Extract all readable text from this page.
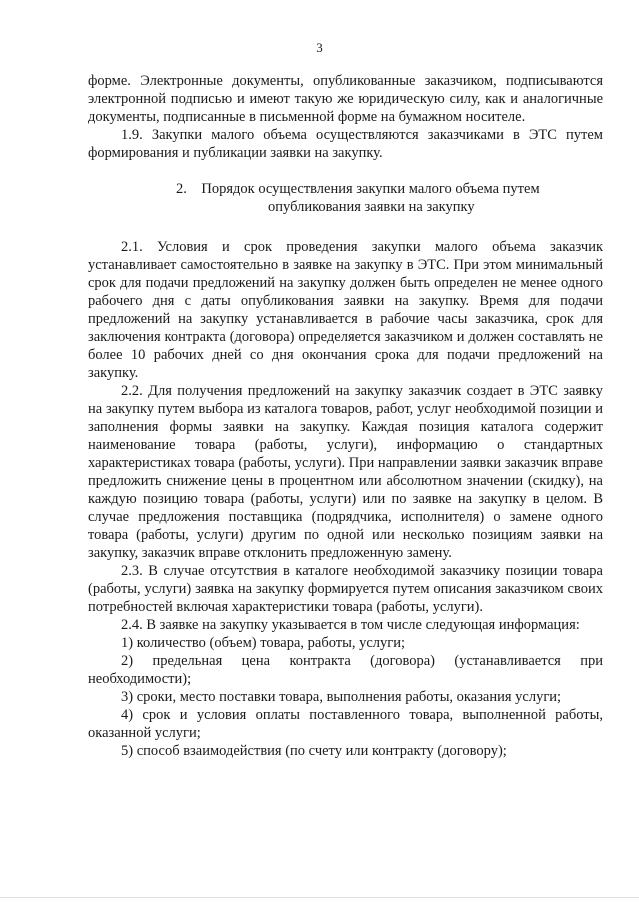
3

форме. Электронные документы, опубликованные заказчиком, подписываются электронной подписью и имеют такую же юридическую силу, как и аналогичные документы, подписанные в письменной форме на бумажном носителе.

1.9. Закупки малого объема осуществляются заказчиками в ЭТС путем формирования и публикации заявки на закупку.

2. Порядок осуществления закупки малого объема путем
опубликования заявки на закупку

2.1. Условия и срок проведения закупки малого объема заказчик устанавливает самостоятельно в заявке на закупку в ЭТС. При этом минимальный срок для подачи предложений на закупку должен быть определен не менее одного рабочего дня с даты опубликования заявки на закупку. Время для подачи предложений на закупку устанавливается в рабочие часы заказчика, срок для заключения контракта (договора) определяется заказчиком и должен составлять не более 10 рабочих дней со дня окончания срока для подачи предложений на закупку.

2.2. Для получения предложений на закупку заказчик создает в ЭТС заявку на закупку путем выбора из каталога товаров, работ, услуг необходимой позиции и заполнения формы заявки на закупку. Каждая позиция каталога содержит наименование товара (работы, услуги), информацию о стандартных характеристиках товара (работы, услуги). При направлении заявки заказчик вправе предложить снижение цены в процентном или абсолютном значении (скидку), на каждую позицию товара (работы, услуги) или по заявке на закупку в целом. В случае предложения поставщика (подрядчика, исполнителя) о замене одного товара (работы, услуги) другим по одной или несколько позициям заявки на закупку, заказчик вправе отклонить предложенную замену.

2.3. В случае отсутствия в каталоге необходимой заказчику позиции товара (работы, услуги) заявка на закупку формируется путем описания заказчиком своих потребностей включая характеристики товара (работы, услуги).

2.4. В заявке на закупку указывается в том числе следующая информация:

1) количество (объем) товара, работы, услуги;

2) предельная цена контракта (договора) (устанавливается при необходимости);

3) сроки, место поставки товара, выполнения работы, оказания услуги;

4) срок и условия оплаты поставленного товара, выполненной работы, оказанной услуги;

5) способ взаимодействия (по счету или контракту (договору);
